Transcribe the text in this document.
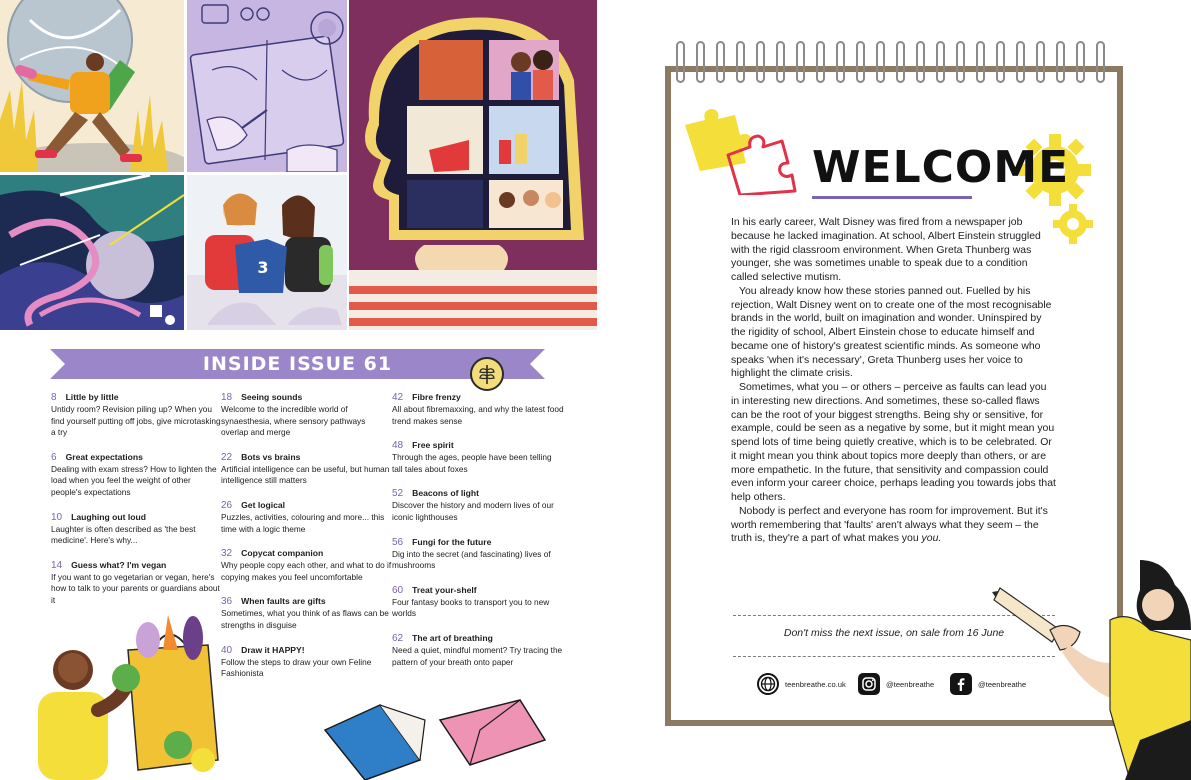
3
INSIDE ISSUE 61
8 Little by little
Untidy room? Revision piling up? When you find yourself putting off jobs, give microtasking a try
6 Great expectations
Dealing with exam stress? How to lighten the load when you feel the weight of other people's expectations
10 Laughing out loud
Laughter is often described as 'the best medicine'. Here's why...
14 Guess what? I'm vegan
If you want to go vegetarian or vegan, here's how to talk to your parents or guardians about it
18 Seeing sounds
Welcome to the incredible world of synaesthesia, where sensory pathways overlap and merge
22 Bots vs brains
Artificial intelligence can be useful, but human intelligence still matters
26 Get logical
Puzzles, activities, colouring and more... this time with a logic theme
32 Copycat companion
Why people copy each other, and what to do if copying makes you feel uncomfortable
36 When faults are gifts
Sometimes, what you think of as flaws can be strengths in disguise
40 Draw it HAPPY!
Follow the steps to draw your own Feline Fashionista
42 Fibre frenzy
All about fibremaxxing, and why the latest food trend makes sense
48 Free spirit
Through the ages, people have been telling tall tales about foxes
52 Beacons of light
Discover the history and modern lives of our iconic lighthouses
56 Fungi for the future
Dig into the secret (and fascinating) lives of mushrooms
60 Treat your-shelf
Four fantasy books to transport you to new worlds
62 The art of breathing
Need a quiet, mindful moment? Try tracing the pattern of your breath onto paper
WELCOME

In his early career, Walt Disney was fired from a newspaper job because he lacked imagination. At school, Albert Einstein struggled with the rigid classroom environment. When Greta Thunberg was younger, she was sometimes unable to speak due to a condition called selective mutism.

You already know how these stories panned out. Fuelled by his rejection, Walt Disney went on to create one of the most recognisable brands in the world, built on imagination and wonder. Uninspired by the rigidity of school, Albert Einstein chose to educate himself and became one of history's greatest scientific minds. As someone who speaks 'when it's necessary', Greta Thunberg uses her voice to highlight the climate crisis.

Sometimes, what you – or others – perceive as faults can lead you in interesting new directions. And sometimes, these so-called flaws can be the root of your biggest strengths. Being shy or sensitive, for example, could be seen as a negative by some, but it might mean you spend lots of time being quietly creative, which is to be celebrated. Or it might mean you think about topics more deeply than others, or are more empathetic. In the future, that sensitivity and compassion could even inform your career choice, perhaps leading you towards jobs that help others.

Nobody is perfect and everyone has room for improvement. But it's worth remembering that 'faults' aren't always what they seem – the truth is, they're a part of what makes you you.

Don't miss the next issue, on sale from 16 June
teenbreathe.co.uk	@teenbreathe	@teenbreathe
